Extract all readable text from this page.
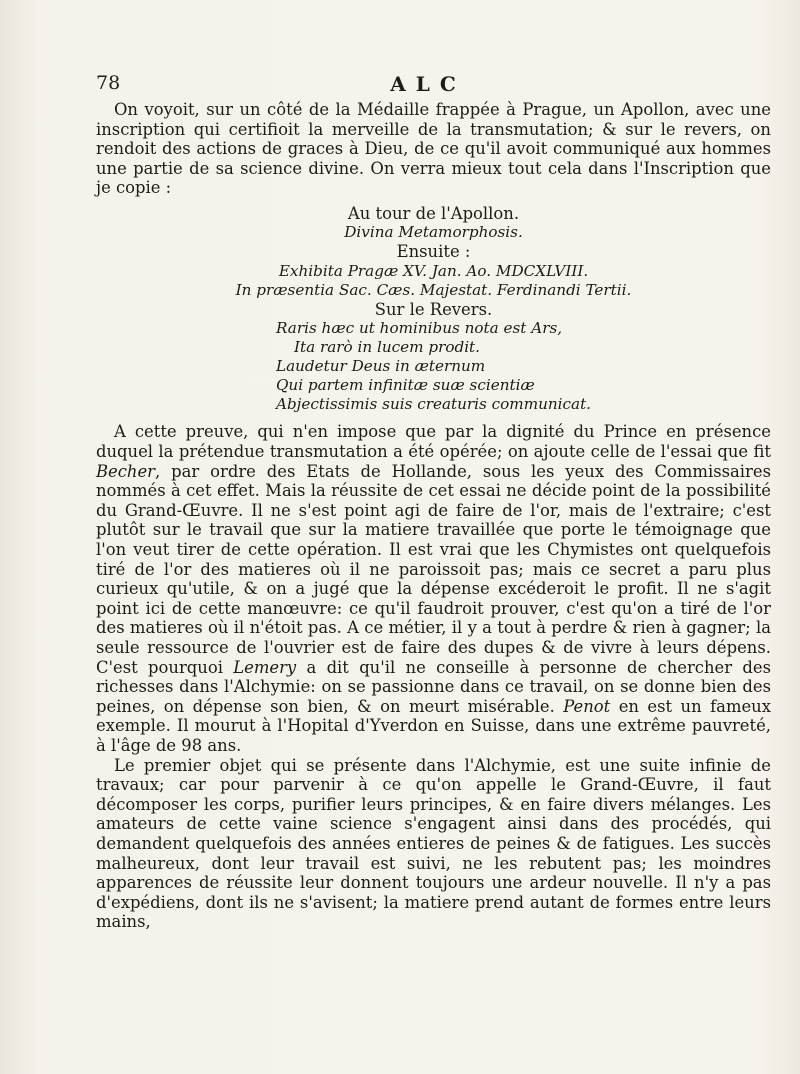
78	ALC

On voyoit, sur un côté de la Médaille frappée à Prague, un Apollon, avec une inscription qui certifioit la merveille de la transmutation; & sur le revers, on rendoit des actions de graces à Dieu, de ce qu'il avoit communiqué aux hommes une partie de sa science divine. On verra mieux tout cela dans l'Inscription que je copie :

Au tour de l'Apollon.
Divina Metamorphosis.
Ensuite :
Exhibita Pragæ XV. Jan. Ao. MDCXLVIII.
In præsentia Sac. Cæs. Majestat. Ferdinandi Tertii.
Sur le Revers.
Raris hæc ut hominibus nota est Ars,
Ita rarò in lucem prodit.
Laudetur Deus in æternum
Qui partem infinitæ suæ scientiæ
Abjectissimis suis creaturis communicat.

A cette preuve, qui n'en impose que par la dignité du Prince en présence duquel la prétendue transmutation a été opérée; on ajoute celle de l'essai que fit Becher, par ordre des Etats de Hollande, sous les yeux des Commissaires nommés à cet effet. Mais la réussite de cet essai ne décide point de la possibilité du Grand-Œuvre. Il ne s'est point agi de faire de l'or, mais de l'extraire; c'est plutôt sur le travail que sur la matiere travaillée que porte le témoignage que l'on veut tirer de cette opération. Il est vrai que les Chymistes ont quelquefois tiré de l'or des matieres où il ne paroissoit pas; mais ce secret a paru plus curieux qu'utile, & on a jugé que la dépense excéderoit le profit. Il ne s'agit point ici de cette manœuvre: ce qu'il faudroit prouver, c'est qu'on a tiré de l'or des matieres où il n'étoit pas. A ce métier, il y a tout à perdre & rien à gagner; la seule ressource de l'ouvrier est de faire des dupes & de vivre à leurs dépens. C'est pourquoi Lemery a dit qu'il ne conseille à personne de chercher des richesses dans l'Alchymie: on se passionne dans ce travail, on se donne bien des peines, on dépense son bien, & on meurt misérable. Penot en est un fameux exemple. Il mourut à l'Hopital d'Yverdon en Suisse, dans une extrême pauvreté, à l'âge de 98 ans.

Le premier objet qui se présente dans l'Alchymie, est une suite infinie de travaux; car pour parvenir à ce qu'on appelle le Grand-Œuvre, il faut décomposer les corps, purifier leurs principes, & en faire divers mélanges. Les amateurs de cette vaine science s'engagent ainsi dans des procédés, qui demandent quelquefois des années entieres de peines & de fatigues. Les succès malheureux, dont leur travail est suivi, ne les rebutent pas; les moindres apparences de réussite leur donnent toujours une ardeur nouvelle. Il n'y a pas d'expédiens, dont ils ne s'avisent; la matiere prend autant de formes entre leurs mains,
